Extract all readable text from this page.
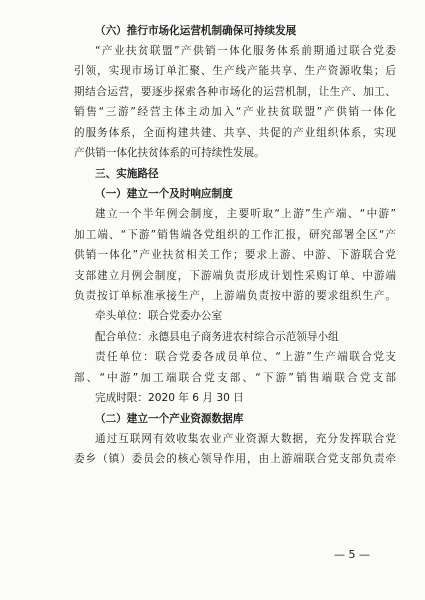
（六）推行市场化运营机制确保可持续发展
“产业扶贫联盟”产供销一体化服务体系前期通过联合党委
引领，实现市场订单汇聚、生产线产能共享、生产资源收集；后
期结合运营，要逐步探索各种市场化的运营机制，让生产、加工、
销售“三游”经营主体主动加入“产业扶贫联盟”产供销一体化
的服务体系，全面构建共建、共享、共促的产业组织体系，实现
产供销一体化扶贫体系的可持续性发展。
三、实施路径
（一）建立一个及时响应制度
建立一个半年例会制度，主要听取“上游”生产端、“中游”
加工端、“下游”销售端各党组织的工作汇报，研究部署全区“产
供销一体化”产业扶贫相关工作；要求上游、中游、下游联合党
支部建立月例会制度，下游端负责形成计划性采购订单、中游端
负责按订单标准承接生产，上游端负责按中游的要求组织生产。
牵头单位：联合党委办公室
配合单位：永德县电子商务进农村综合示范领导小组
责任单位：联合党委各成员单位、“上游”生产端联合党支
部、“中游”加工端联合党支部、“下游”销售端联合党支部
完成时限：2020 年 6 月 30 日
（二）建立一个产业资源数据库
通过互联网有效收集农业产业资源大数据，充分发挥联合党
委乡（镇）委员会的核心领导作用，由上游端联合党支部负责牵
— 5 —
